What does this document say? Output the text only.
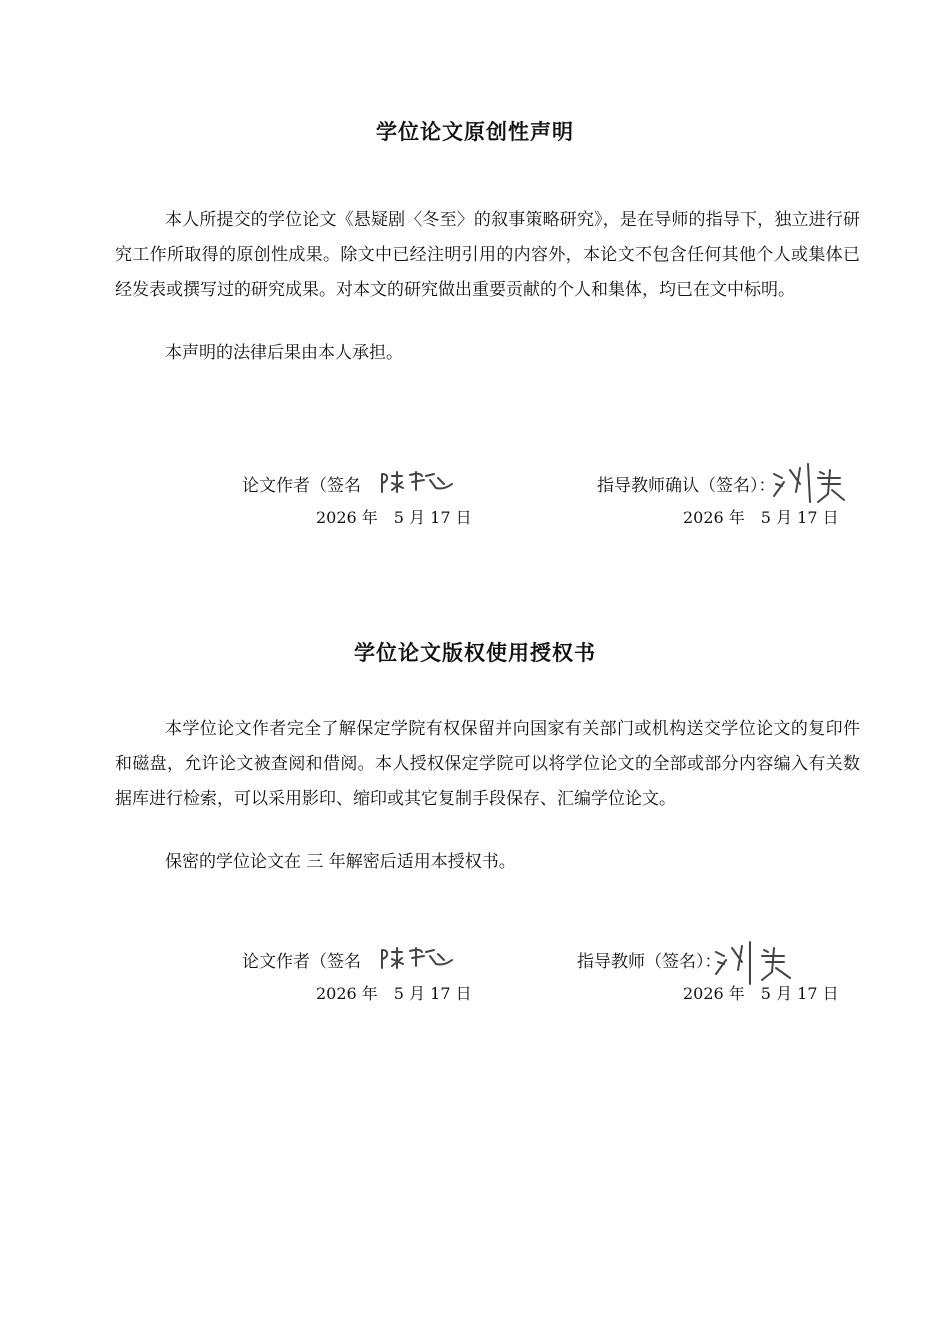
学位论文原创性声明

本人所提交的学位论文《悬疑剧〈冬至〉的叙事策略研究》，是在导师的指导下，独立进行研究工作所取得的原创性成果。除文中已经注明引用的内容外，本论文不包含任何其他个人或集体已经发表或撰写过的研究成果。对本文的研究做出重要贡献的个人和集体，均已在文中标明。

本声明的法律后果由本人承担。

论文作者（签名	指导教师确认（签名）：
2026 年　5 月 17 日	2026 年　5 月 17 日
学位论文版权使用授权书

本学位论文作者完全了解保定学院有权保留并向国家有关部门或机构送交学位论文的复印件和磁盘，允许论文被查阅和借阅。本人授权保定学院可以将学位论文的全部或部分内容编入有关数据库进行检索，可以采用影印、缩印或其它复制手段保存、汇编学位论文。

保密的学位论文在 三 年解密后适用本授权书。

论文作者（签名	指导教师（签名）：
2026 年　5 月 17 日	2026 年　5 月 17 日
